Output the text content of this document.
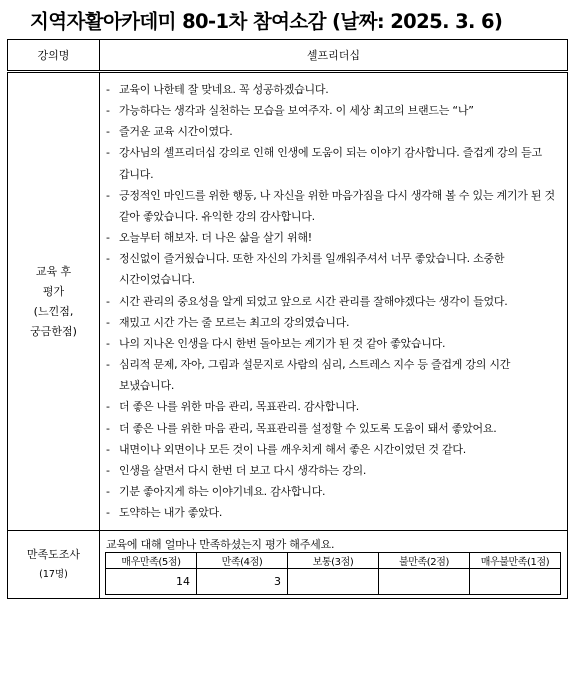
지역자활아카데미 80-1차 참여소감 (날짜: 2025. 3. 6)
강의명	셀프리더십

교육 후
평가
(느낀점,
궁금한점)

- 교육이 나한테 잘 맞네요. 꼭 성공하겠습니다.
- 가능하다는 생각과 실천하는 모습을 보여주자. 이 세상 최고의 브랜드는 “나”
- 즐거운 교육 시간이였다.
- 강사님의 셀프리더십 강의로 인해 인생에 도움이 되는 이야기 감사합니다. 즐겁게 강의 듣고 갑니다.
- 긍정적인 마인드를 위한 행동, 나 자신을 위한 마음가짐을 다시 생각해 볼 수 있는 계기가 된 것 같아 좋았습니다. 유익한 강의 감사합니다.
- 오늘부터 해보자. 더 나은 삶을 살기 위해!
- 정신없이 즐거웠습니다. 또한 자신의 가치를 일깨워주셔서 너무 좋았습니다. 소중한 시간이었습니다.
- 시간 관리의 중요성을 알게 되었고 앞으로 시간 관리를 잘해야겠다는 생각이 들었다.
- 재밌고 시간 가는 줄 모르는 최고의 강의였습니다.
- 나의 지나온 인생을 다시 한번 돌아보는 계기가 된 것 같아 좋았습니다.
- 심리적 문제, 자아, 그림과 설문지로 사람의 심리, 스트레스 지수 등 즐겁게 강의 시간 보냈습니다.
- 더 좋은 나를 위한 마음 관리, 목표관리. 감사합니다.
- 더 좋은 나를 위한 마음 관리, 목표관리를 설정할 수 있도록 도움이 돼서 좋았어요.
- 내면이나 외면이나 모든 것이 나를 깨우치게 해서 좋은 시간이었던 것 같다.
- 인생을 살면서 다시 한번 더 보고 다시 생각하는 강의.
- 기분 좋아지게 하는 이야기네요. 감사합니다.
- 도약하는 내가 좋았다.

만족도조사
(17명)

교육에 대해 얼마나 만족하셨는지 평가 해주세요.
매우만족(5점)	만족(4점)	보통(3점)	불만족(2점)	매우불만족(1점)
14	3			
